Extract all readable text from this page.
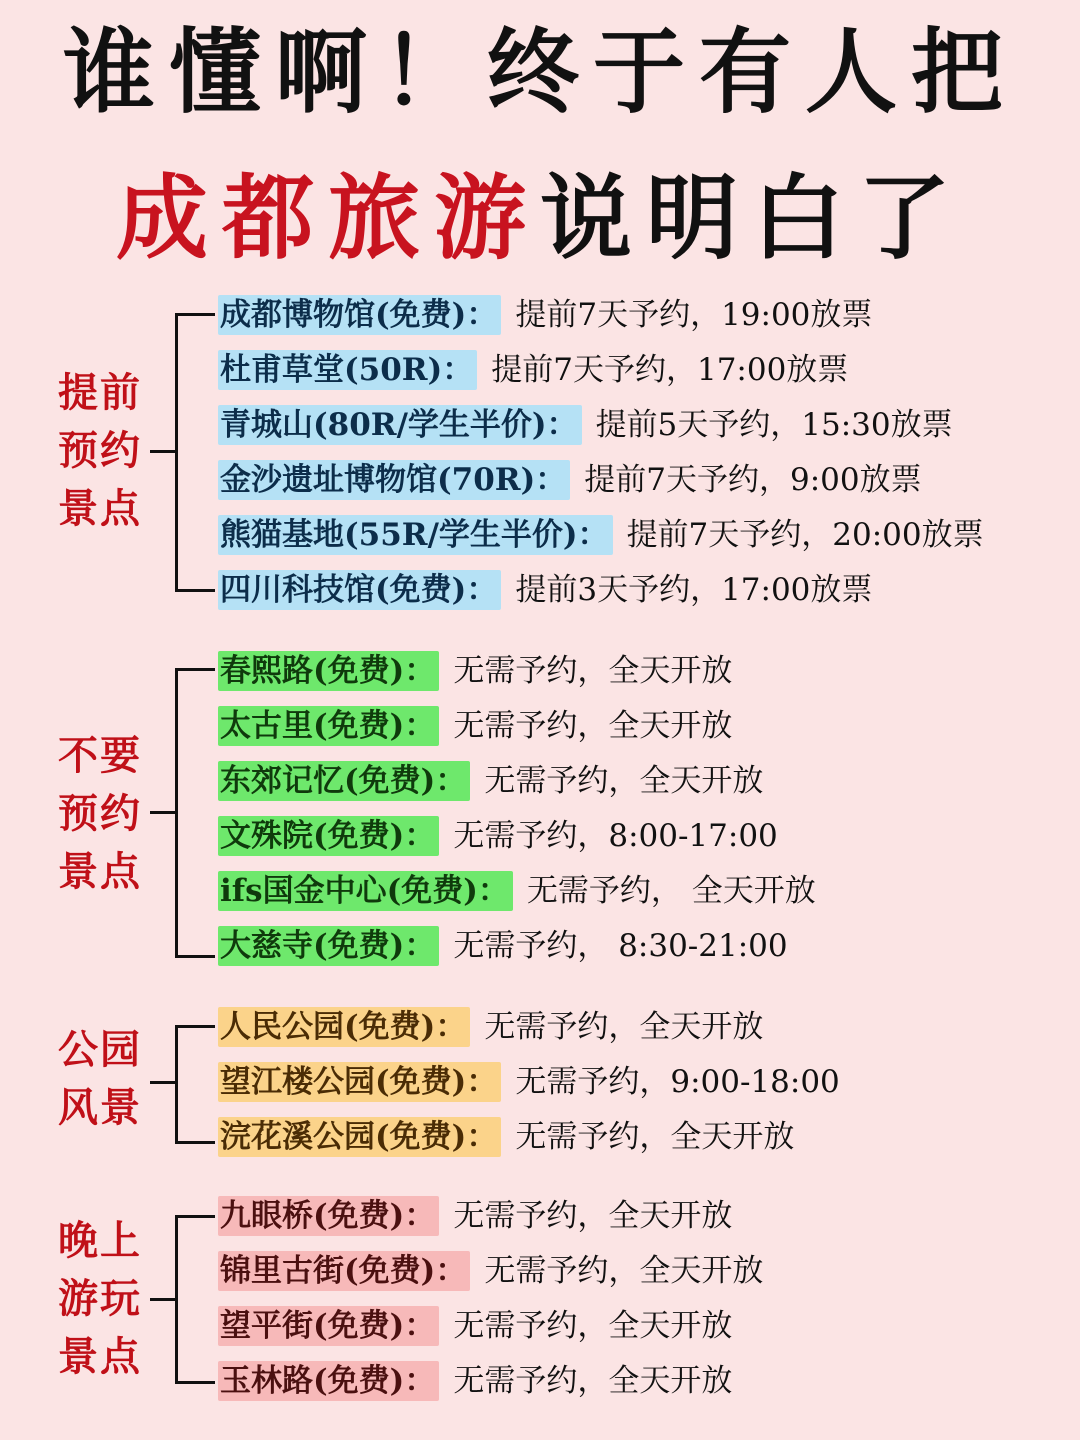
谁懂啊！终于有人把
成都旅游说明白了
提前
预约
景点
成都博物馆(免费)： 提前7天予约，19:00放票
杜甫草堂(50R)： 提前7天予约，17:00放票
青城山(80R/学生半价)： 提前5天予约，15:30放票
金沙遗址博物馆(70R)： 提前7天予约，9:00放票
熊猫基地(55R/学生半价)： 提前7天予约，20:00放票
四川科技馆(免费)： 提前3天予约，17:00放票
不要
预约
景点
春熙路(免费)： 无需予约，全天开放
太古里(免费)： 无需予约，全天开放
东郊记忆(免费)： 无需予约，全天开放
文殊院(免费)： 无需予约，8:00-17:00
ifs国金中心(免费)： 无需予约， 全天开放
大慈寺(免费)： 无需予约， 8:30-21:00
公园
风景
人民公园(免费)： 无需予约，全天开放
望江楼公园(免费)： 无需予约，9:00-18:00
浣花溪公园(免费)： 无需予约，全天开放
晚上
游玩
景点
九眼桥(免费)： 无需予约，全天开放
锦里古街(免费)： 无需予约，全天开放
望平街(免费)： 无需予约，全天开放
玉林路(免费)： 无需予约，全天开放
